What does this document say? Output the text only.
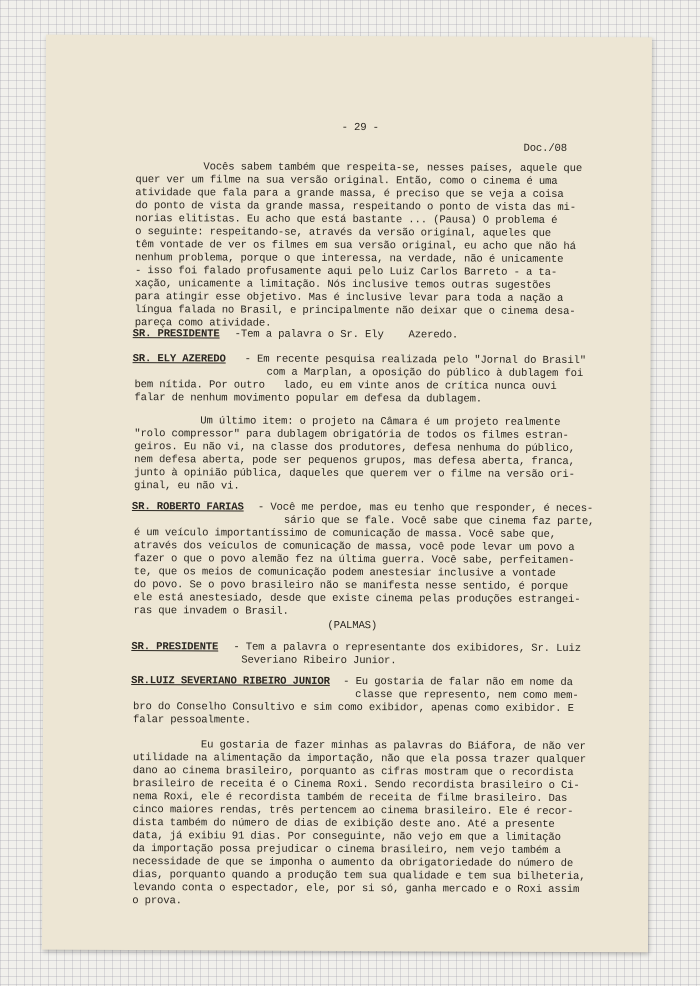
- 29 -
Doc./08
Vocês sabem também que respeita-se, nesses países, aquele que
quer ver um filme na sua versão original. Então, como o cinema é uma
atividade que fala para a grande massa, é preciso que se veja a coisa
do ponto de vista da grande massa, respeitando o ponto de vista das mi-
norias elitistas. Eu acho que está bastante ... (Pausa) O problema é
o seguinte: respeitando-se, através da versão original, aqueles que
têm vontade de ver os filmes em sua versão original, eu acho que não há
nenhum problema, porque o que interessa, na verdade, não é unicamente
- isso foi falado profusamente aqui pelo Luiz Carlos Barreto - a ta-
xação, unicamente a limitação. Nós inclusive temos outras sugestões
para atingir esse objetivo. Mas é inclusive levar para toda a nação a
língua falada no Brasil, e principalmente não deixar que o cinema desa-
pareça como atividade.
SR. PRESIDENTE -Tem a palavra o Sr. Ely    Azeredo.
SR. ELY AZEREDO - Em recente pesquisa realizada pelo "Jornal do Brasil"
com a Marplan, a oposição do público à dublagem foi
bem nítida. Por outro   lado, eu em vinte anos de crítica nunca ouvi
falar de nenhum movimento popular em defesa da dublagem.
Um último item: o projeto na Câmara é um projeto realmente
"rolo compressor" para dublagem obrigatória de todos os filmes estran-
geiros. Eu não vi, na classe dos produtores, defesa nenhuma do público,
nem defesa aberta, pode ser pequenos grupos, mas defesa aberta, franca,
junto à opinião pública, daqueles que querem ver o filme na versão ori-
ginal, eu não vi.
SR. ROBERTO FARIAS - Você me perdoe, mas eu tenho que responder, é neces-
sário que se fale. Você sabe que cinema faz parte,
é um veículo importantíssimo de comunicação de massa. Você sabe que,
através dos veículos de comunicação de massa, você pode levar um povo a
fazer o que o povo alemão fez na última guerra. Você sabe, perfeitamen-
te, que os meios de comunicação podem anestesiar inclusive a vontade
do povo. Se o povo brasileiro não se manifesta nesse sentido, é porque
ele está anestesiado, desde que existe cinema pelas produções estrangei-
ras que invadem o Brasil.
(PALMAS)
SR. PRESIDENTE - Tem a palavra o representante dos exibidores, Sr. Luiz
Severiano Ribeiro Junior.
SR.LUIZ SEVERIANO RIBEIRO JUNIOR - Eu gostaria de falar não em nome da
classe que represento, nem como mem-
bro do Conselho Consultivo e sim como exibidor, apenas como exibidor. E
falar pessoalmente.
Eu gostaria de fazer minhas as palavras do Biáfora, de não ver
utilidade na alimentação da importação, não que ela possa trazer qualquer
dano ao cinema brasileiro, porquanto as cifras mostram que o recordista
brasileiro de receita é o Cinema Roxi. Sendo recordista brasileiro o Ci-
nema Roxi, ele é recordista também de receita de filme brasileiro. Das
cinco maiores rendas, três pertencem ao cinema brasileiro. Ele é recor-
dista também do número de dias de exibição deste ano. Até a presente
data, já exibiu 91 dias. Por conseguinte, não vejo em que a limitação
da importação possa prejudicar o cinema brasileiro, nem vejo também a
necessidade de que se imponha o aumento da obrigatoriedade do número de
dias, porquanto quando a produção tem sua qualidade e tem sua bilheteria,
levando conta o espectador, ele, por si só, ganha mercado e o Roxi assim
o prova.
